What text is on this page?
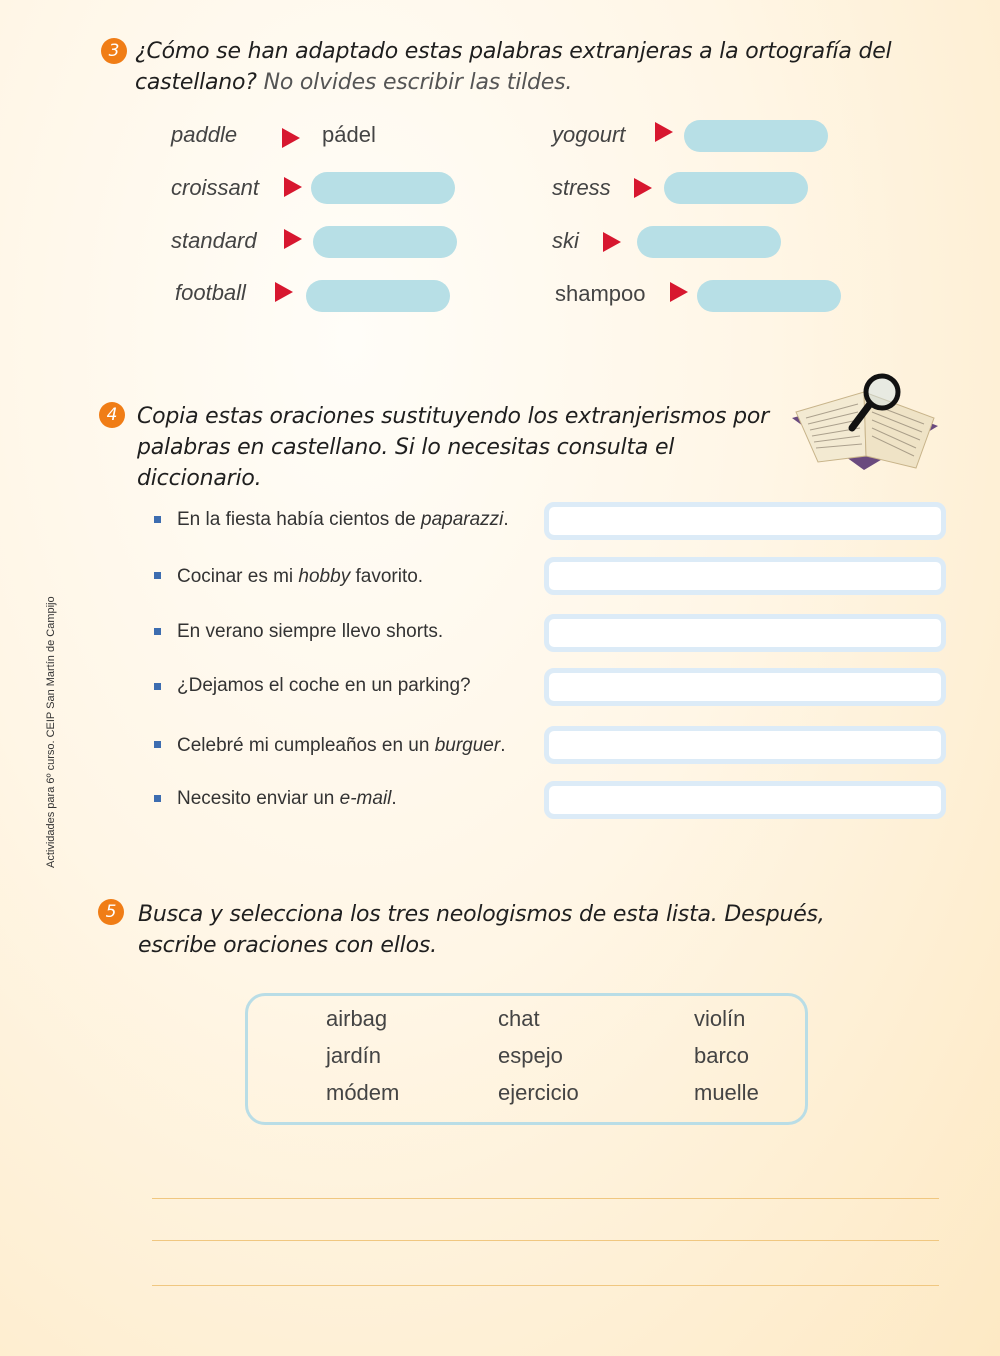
Actividades para 6º curso. CEIP San Martín de Campijo
3 ¿Cómo se han adaptado estas palabras extranjeras a la ortografía del castellano? No olvides escribir las tildes.
paddle	pádel
croissant
standard
football
yogourt
stress
ski
shampoo
4 Copia estas oraciones sustituyendo los extranjerismos por palabras en castellano. Si lo necesitas consulta el diccionario.
En la fiesta había cientos de paparazzi.
Cocinar es mi hobby favorito.
En verano siempre llevo shorts.
¿Dejamos el coche en un parking?
Celebré mi cumpleaños en un burguer.
Necesito enviar un e-mail.
5 Busca y selecciona los tres neologismos de esta lista. Después, escribe oraciones con ellos.
airbag	chat	violín
jardín	espejo	barco
módem	ejercicio	muelle
